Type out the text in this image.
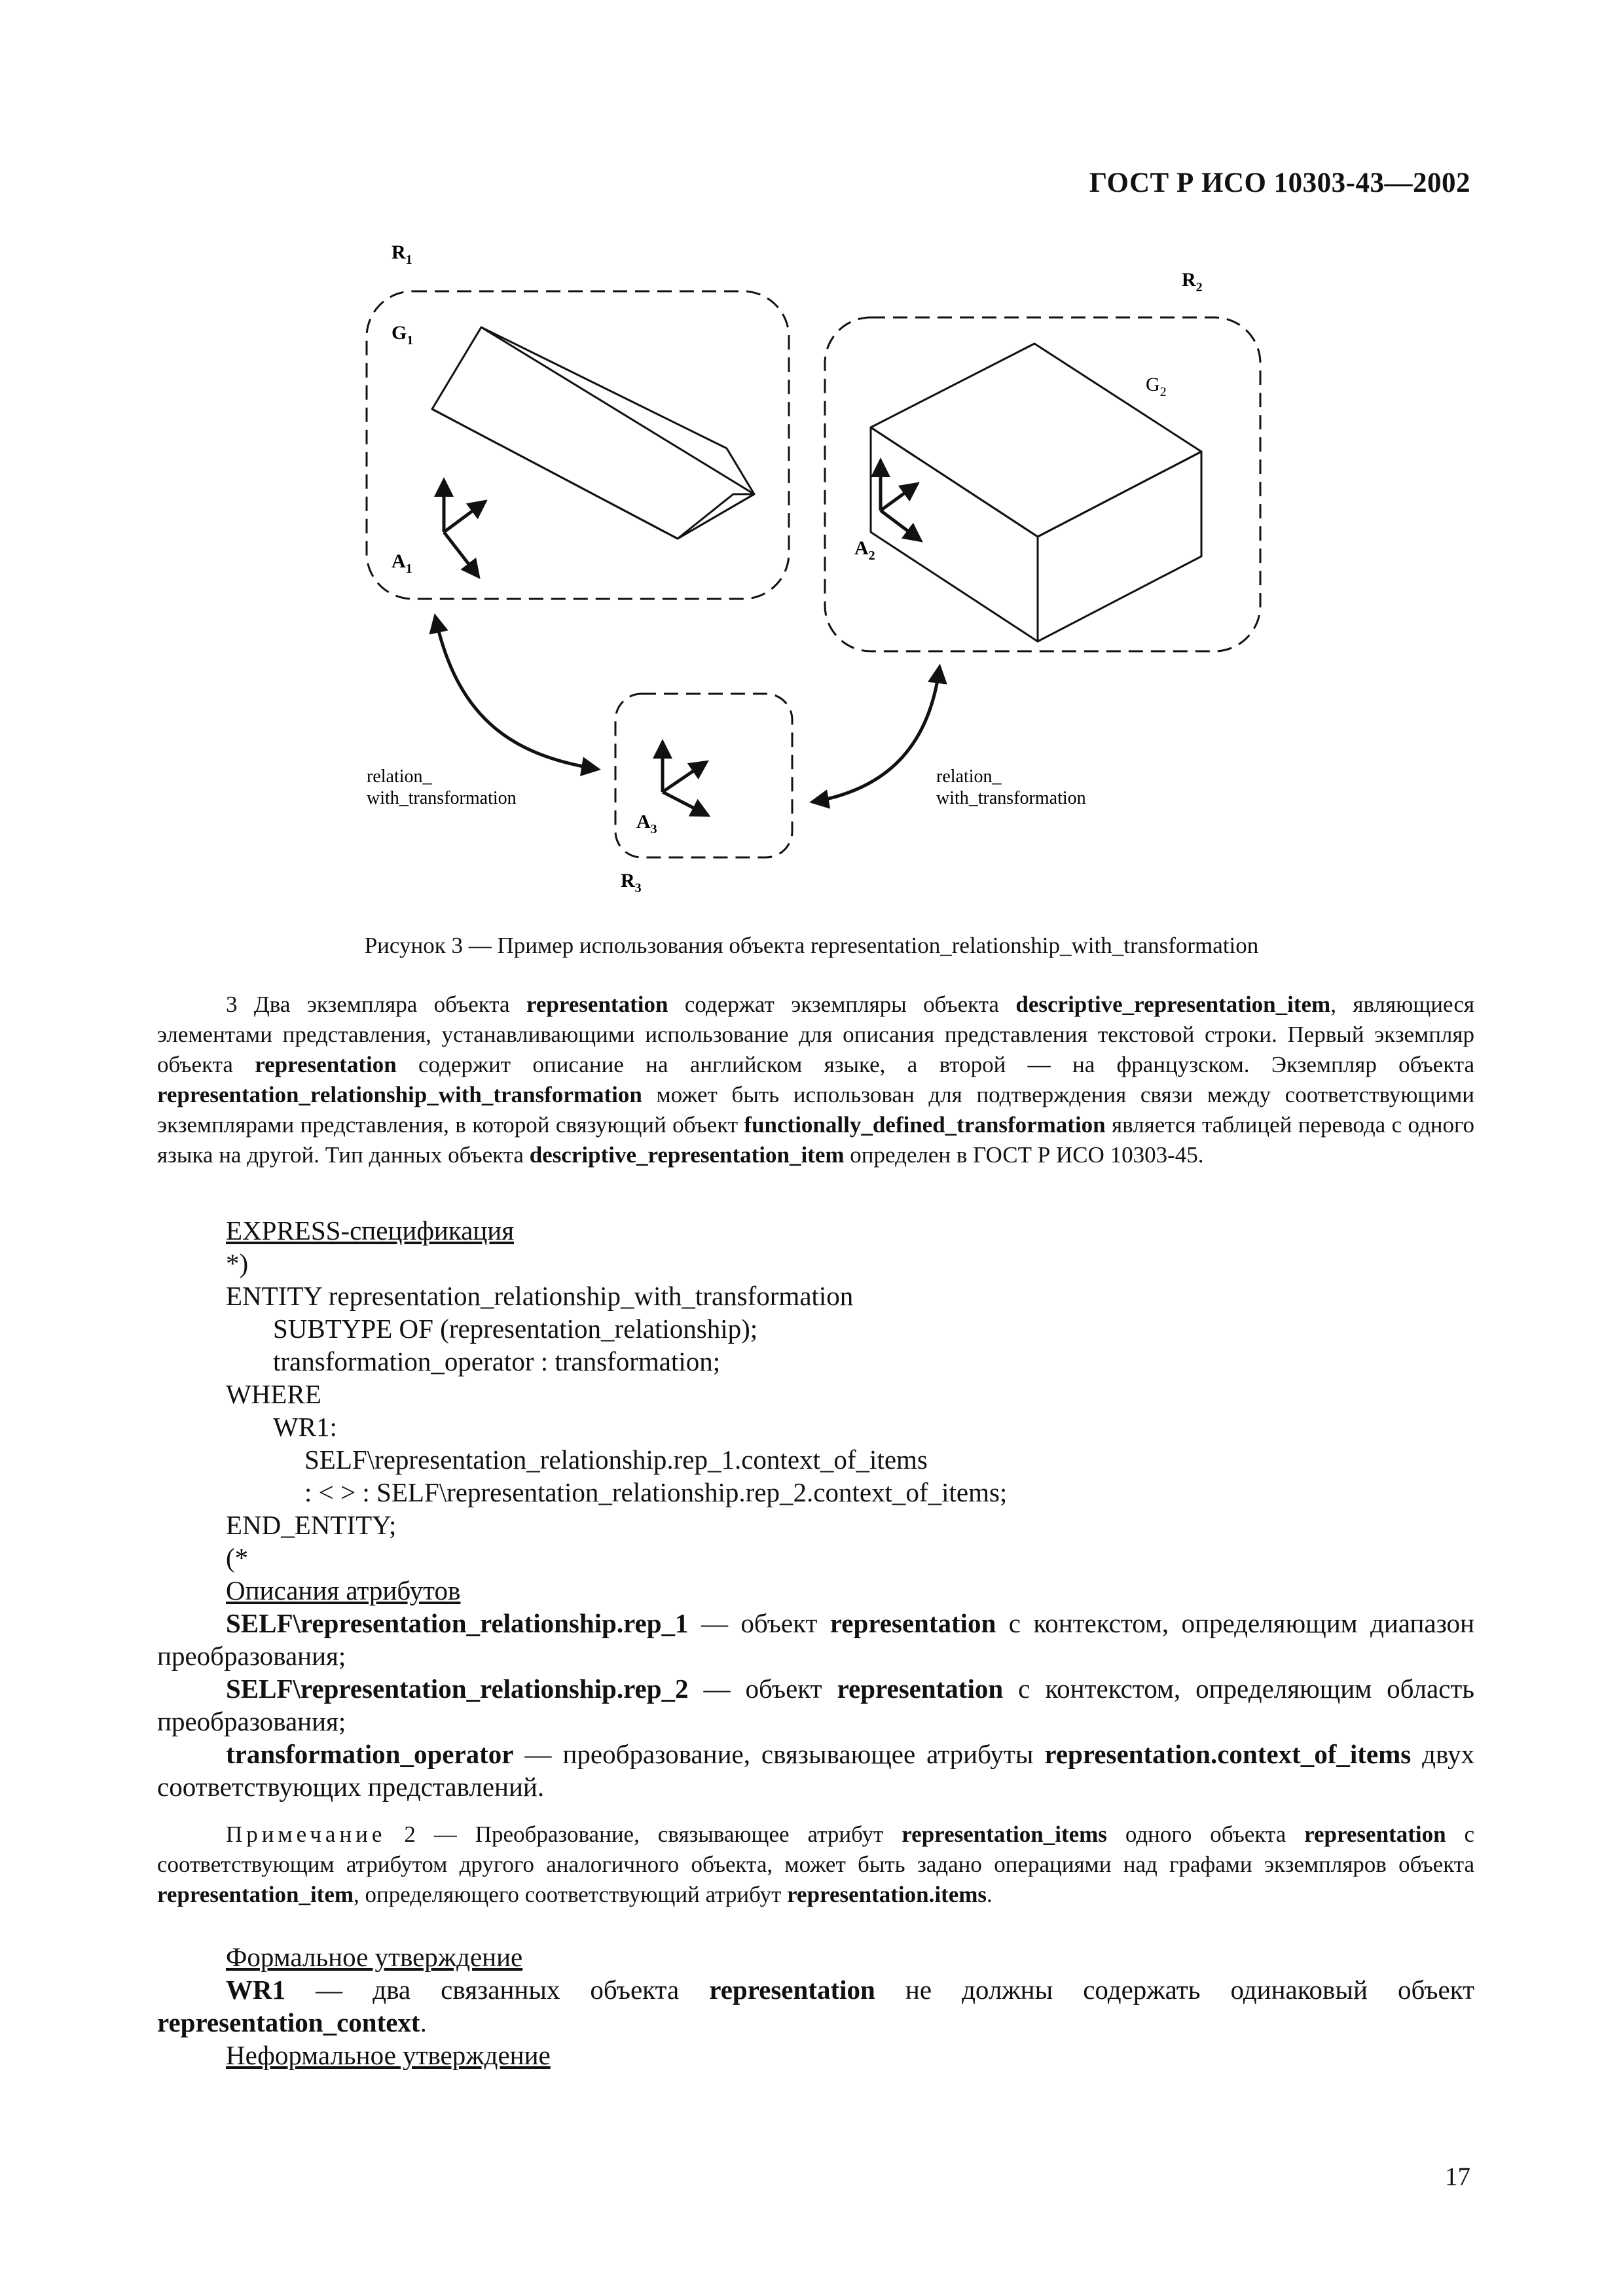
ГОСТ Р ИСО 10303-43—2002
$R_1$
$R_2$
$R_3$
$G_1$
$G_2$
$A_1$
$A_2$
$A_3$
relation_
with_transformation
relation_
with_transformation
Рисунок 3 — Пример использования объекта representation_relationship_with_transformation

3 Два экземпляра объекта representation содержат экземпляры объекта descriptive_representation_item, являющиеся элементами представления, устанавливающими использование для описания представления текстовой строки. Первый экземпляр объекта representation содержит описание на английском языке, а второй — на французском. Экземпляр объекта representation_relationship_with_transformation может быть использован для подтверждения связи между соответствующими экземплярами представления, в которой связующий объект functionally_defined_transformation является таблицей перевода с одного языка на другой. Тип данных объекта descriptive_representation_item определен в ГОСТ Р ИСО 10303-45.

EXPRESS-спецификация
*)
ENTITY representation_relationship_with_transformation
SUBTYPE OF (representation_relationship);
transformation_operator : transformation;
WHERE
WR1:
SELF\representation_relationship.rep_1.context_of_items
: < > : SELF\representation_relationship.rep_2.context_of_items;
END_ENTITY;
(*
Описания атрибутов

SELF\representation_relationship.rep_1 — объект representation с контекстом, определяющим диапазон преобразования;

SELF\representation_relationship.rep_2 — объект representation с контекстом, определяющим область преобразования;

transformation_operator — преобразование, связывающее атрибуты representation.context_of_items двух соответствующих представлений.

Примечание 2 — Преобразование, связывающее атрибут representation_items одного объекта representation с соответствующим атрибутом другого аналогичного объекта, может быть задано операциями над графами экземпляров объекта representation_item, определяющего соответствующий атрибут representation.items.

Формальное утверждение

WR1 — два связанных объекта representation не должны содержать одинаковый объект representation_context.

Неформальное утверждение
17
